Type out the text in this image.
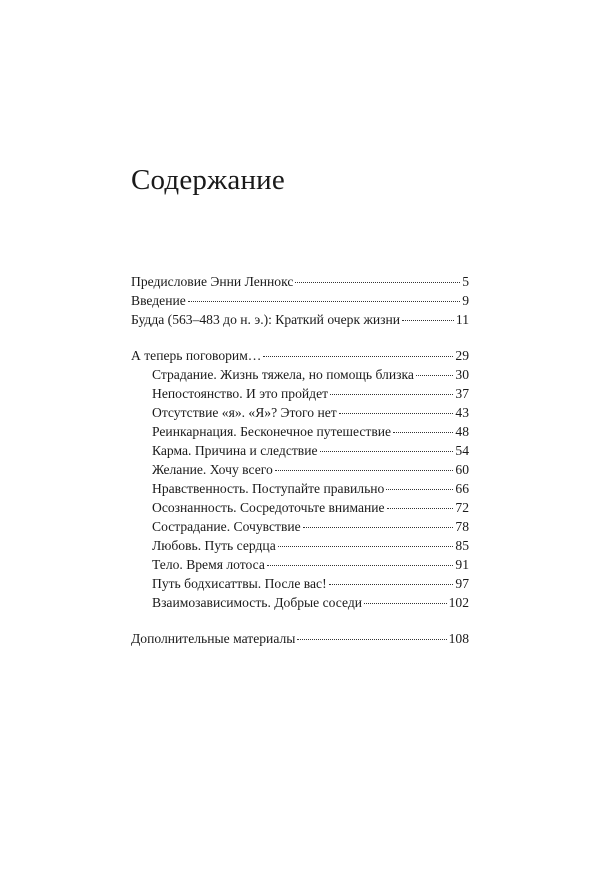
Содержание
Предисловие Энни Леннокс	5
Введение	9
Будда (563–483 до н. э.): Краткий очерк жизни	11
А теперь поговорим…	29
Страдание. Жизнь тяжела, но помощь близка	30
Непостоянство. И это пройдет	37
Отсутствие «я». «Я»? Этого нет	43
Реинкарнация. Бесконечное путешествие	48
Карма. Причина и следствие	54
Желание. Хочу всего	60
Нравственность. Поступайте правильно	66
Осознанность. Сосредоточьте внимание	72
Сострадание. Сочувствие	78
Любовь. Путь сердца	85
Тело. Время лотоса	91
Путь бодхисаттвы. После вас!	97
Взаимозависимость. Добрые соседи	102
Дополнительные материалы	108
